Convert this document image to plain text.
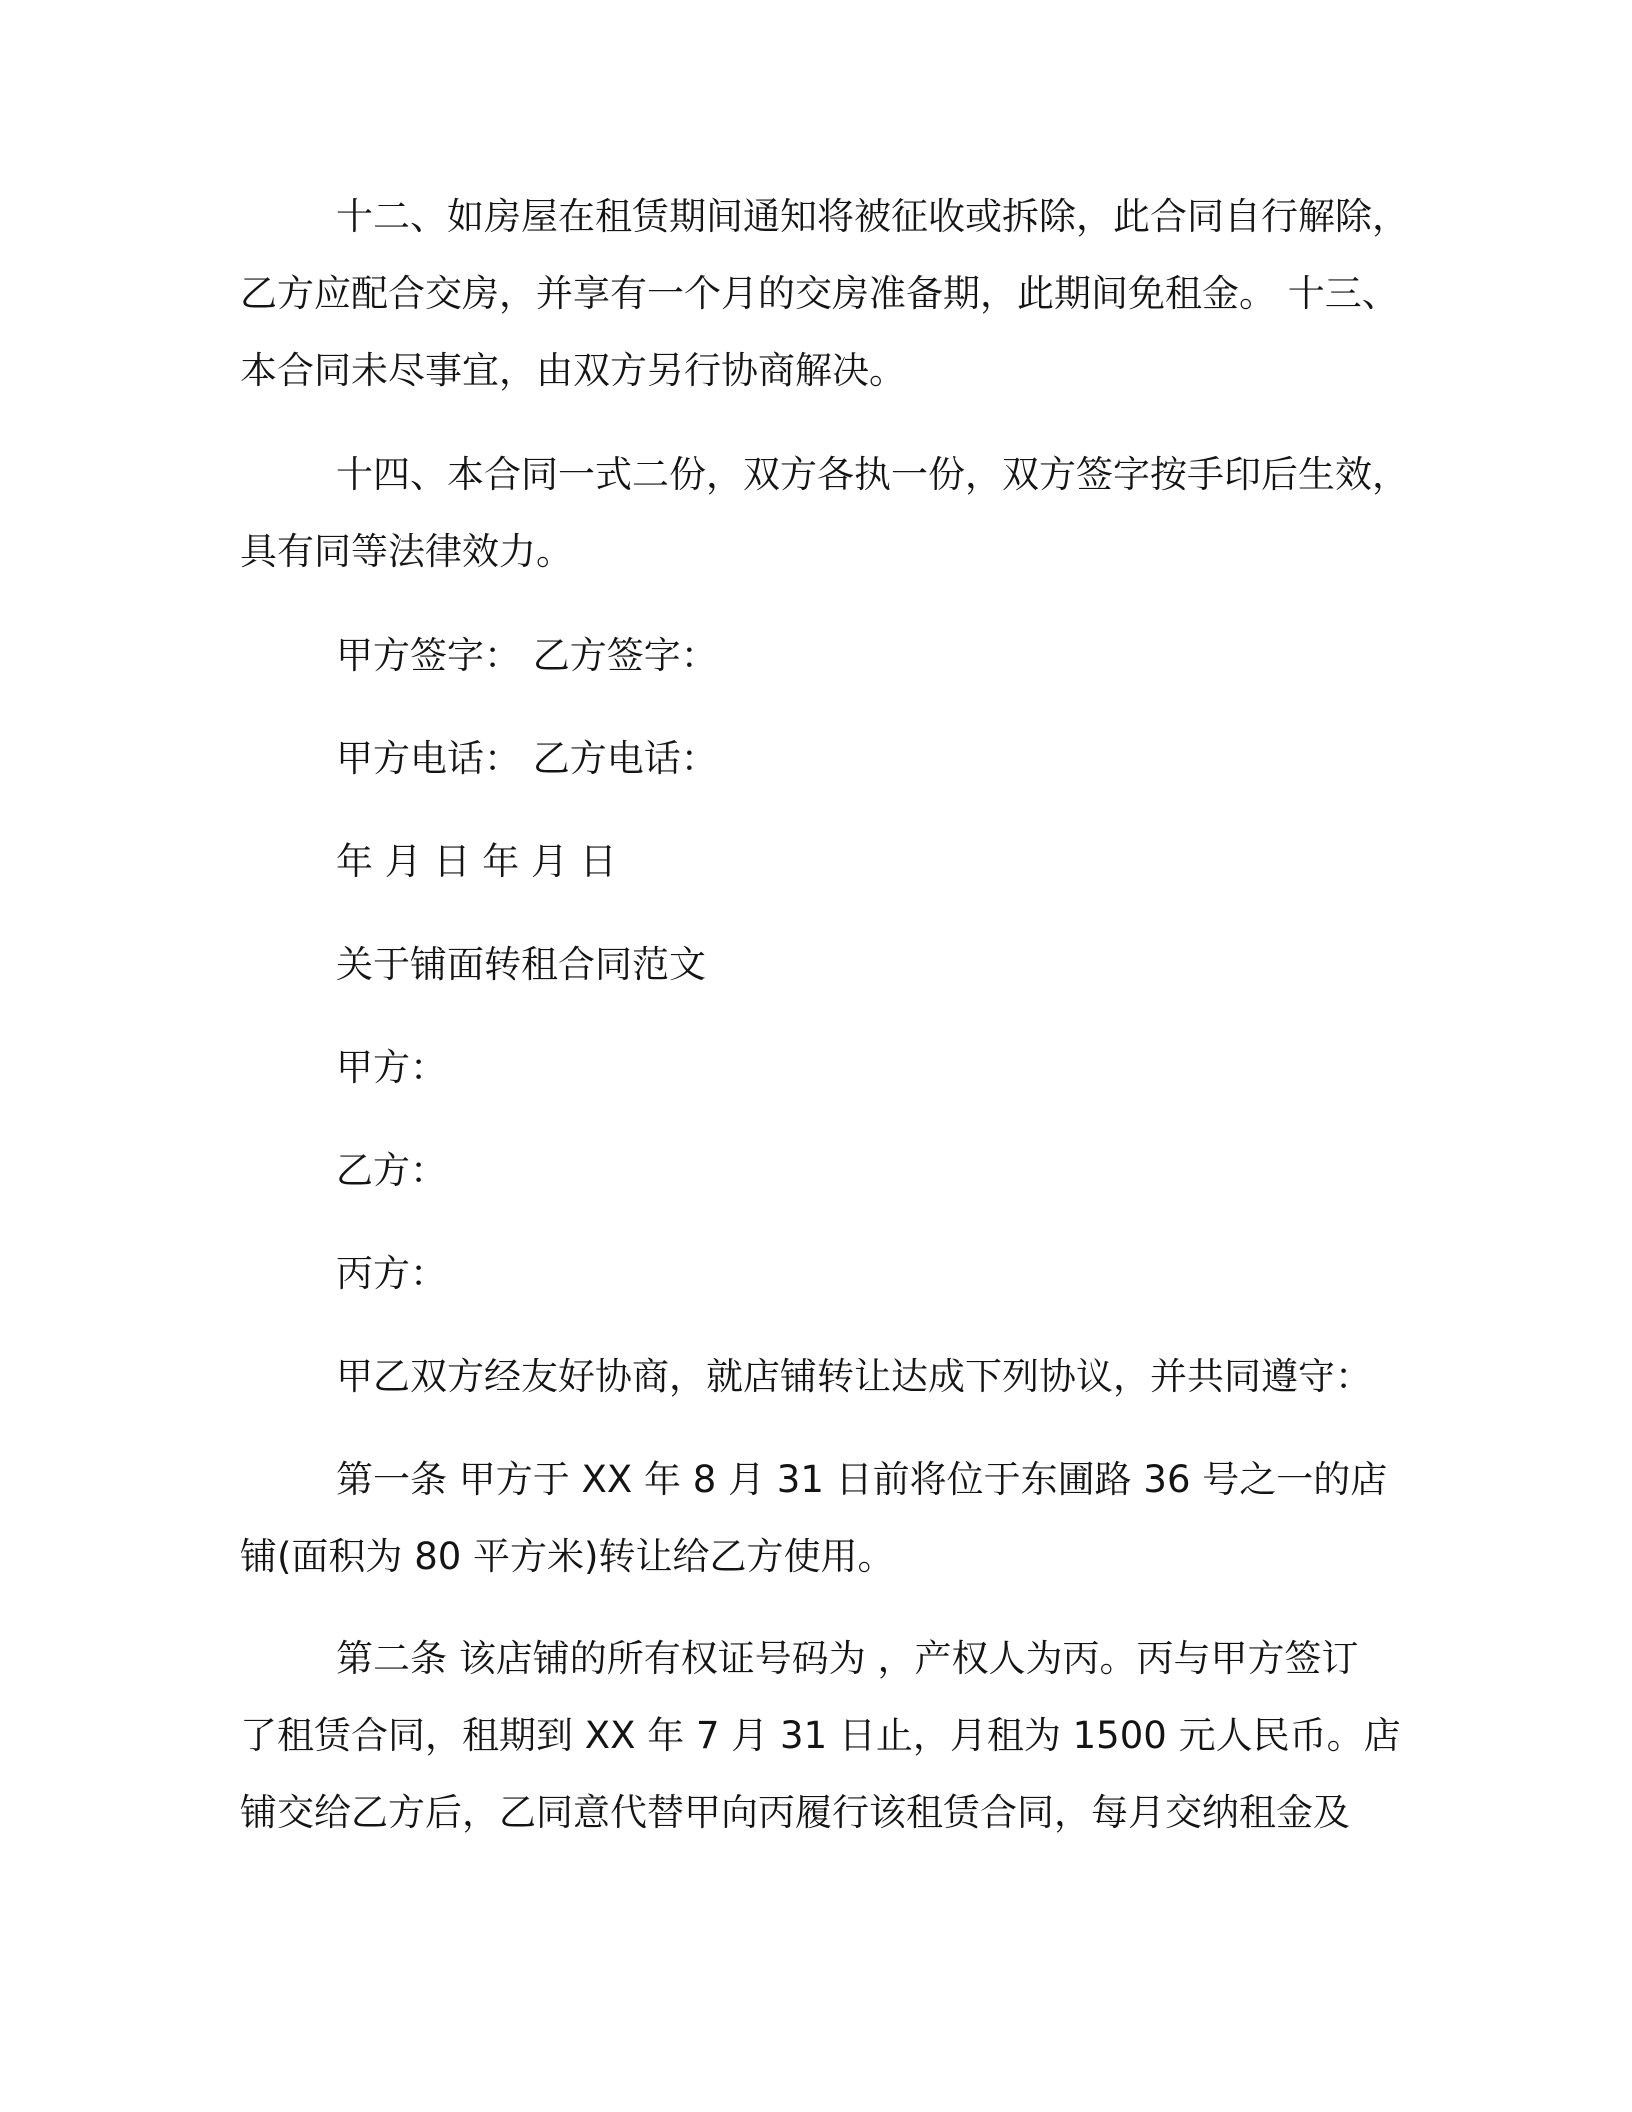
十二、如房屋在租赁期间通知将被征收或拆除，此合同自行解除，
乙方应配合交房，并享有一个月的交房准备期，此期间免租金。 十三、
本合同未尽事宜，由双方另行协商解决。
十四、本合同一式二份，双方各执一份，双方签字按手印后生效，
具有同等法律效力。
甲方签字： 乙方签字：
甲方电话： 乙方电话：
年 月 日 年 月 日
关于铺面转租合同范文
甲方：
乙方：
丙方：
甲乙双方经友好协商，就店铺转让达成下列协议，并共同遵守：
第一条 甲方于 XX 年 8 月 31 日前将位于东圃路 36 号之一的店
铺(面积为 80 平方米)转让给乙方使用。
第二条 该店铺的所有权证号码为 ，产权人为丙。丙与甲方签订
了租赁合同，租期到 XX 年 7 月 31 日止，月租为 1500 元人民币。店
铺交给乙方后，乙同意代替甲向丙履行该租赁合同，每月交纳租金及
